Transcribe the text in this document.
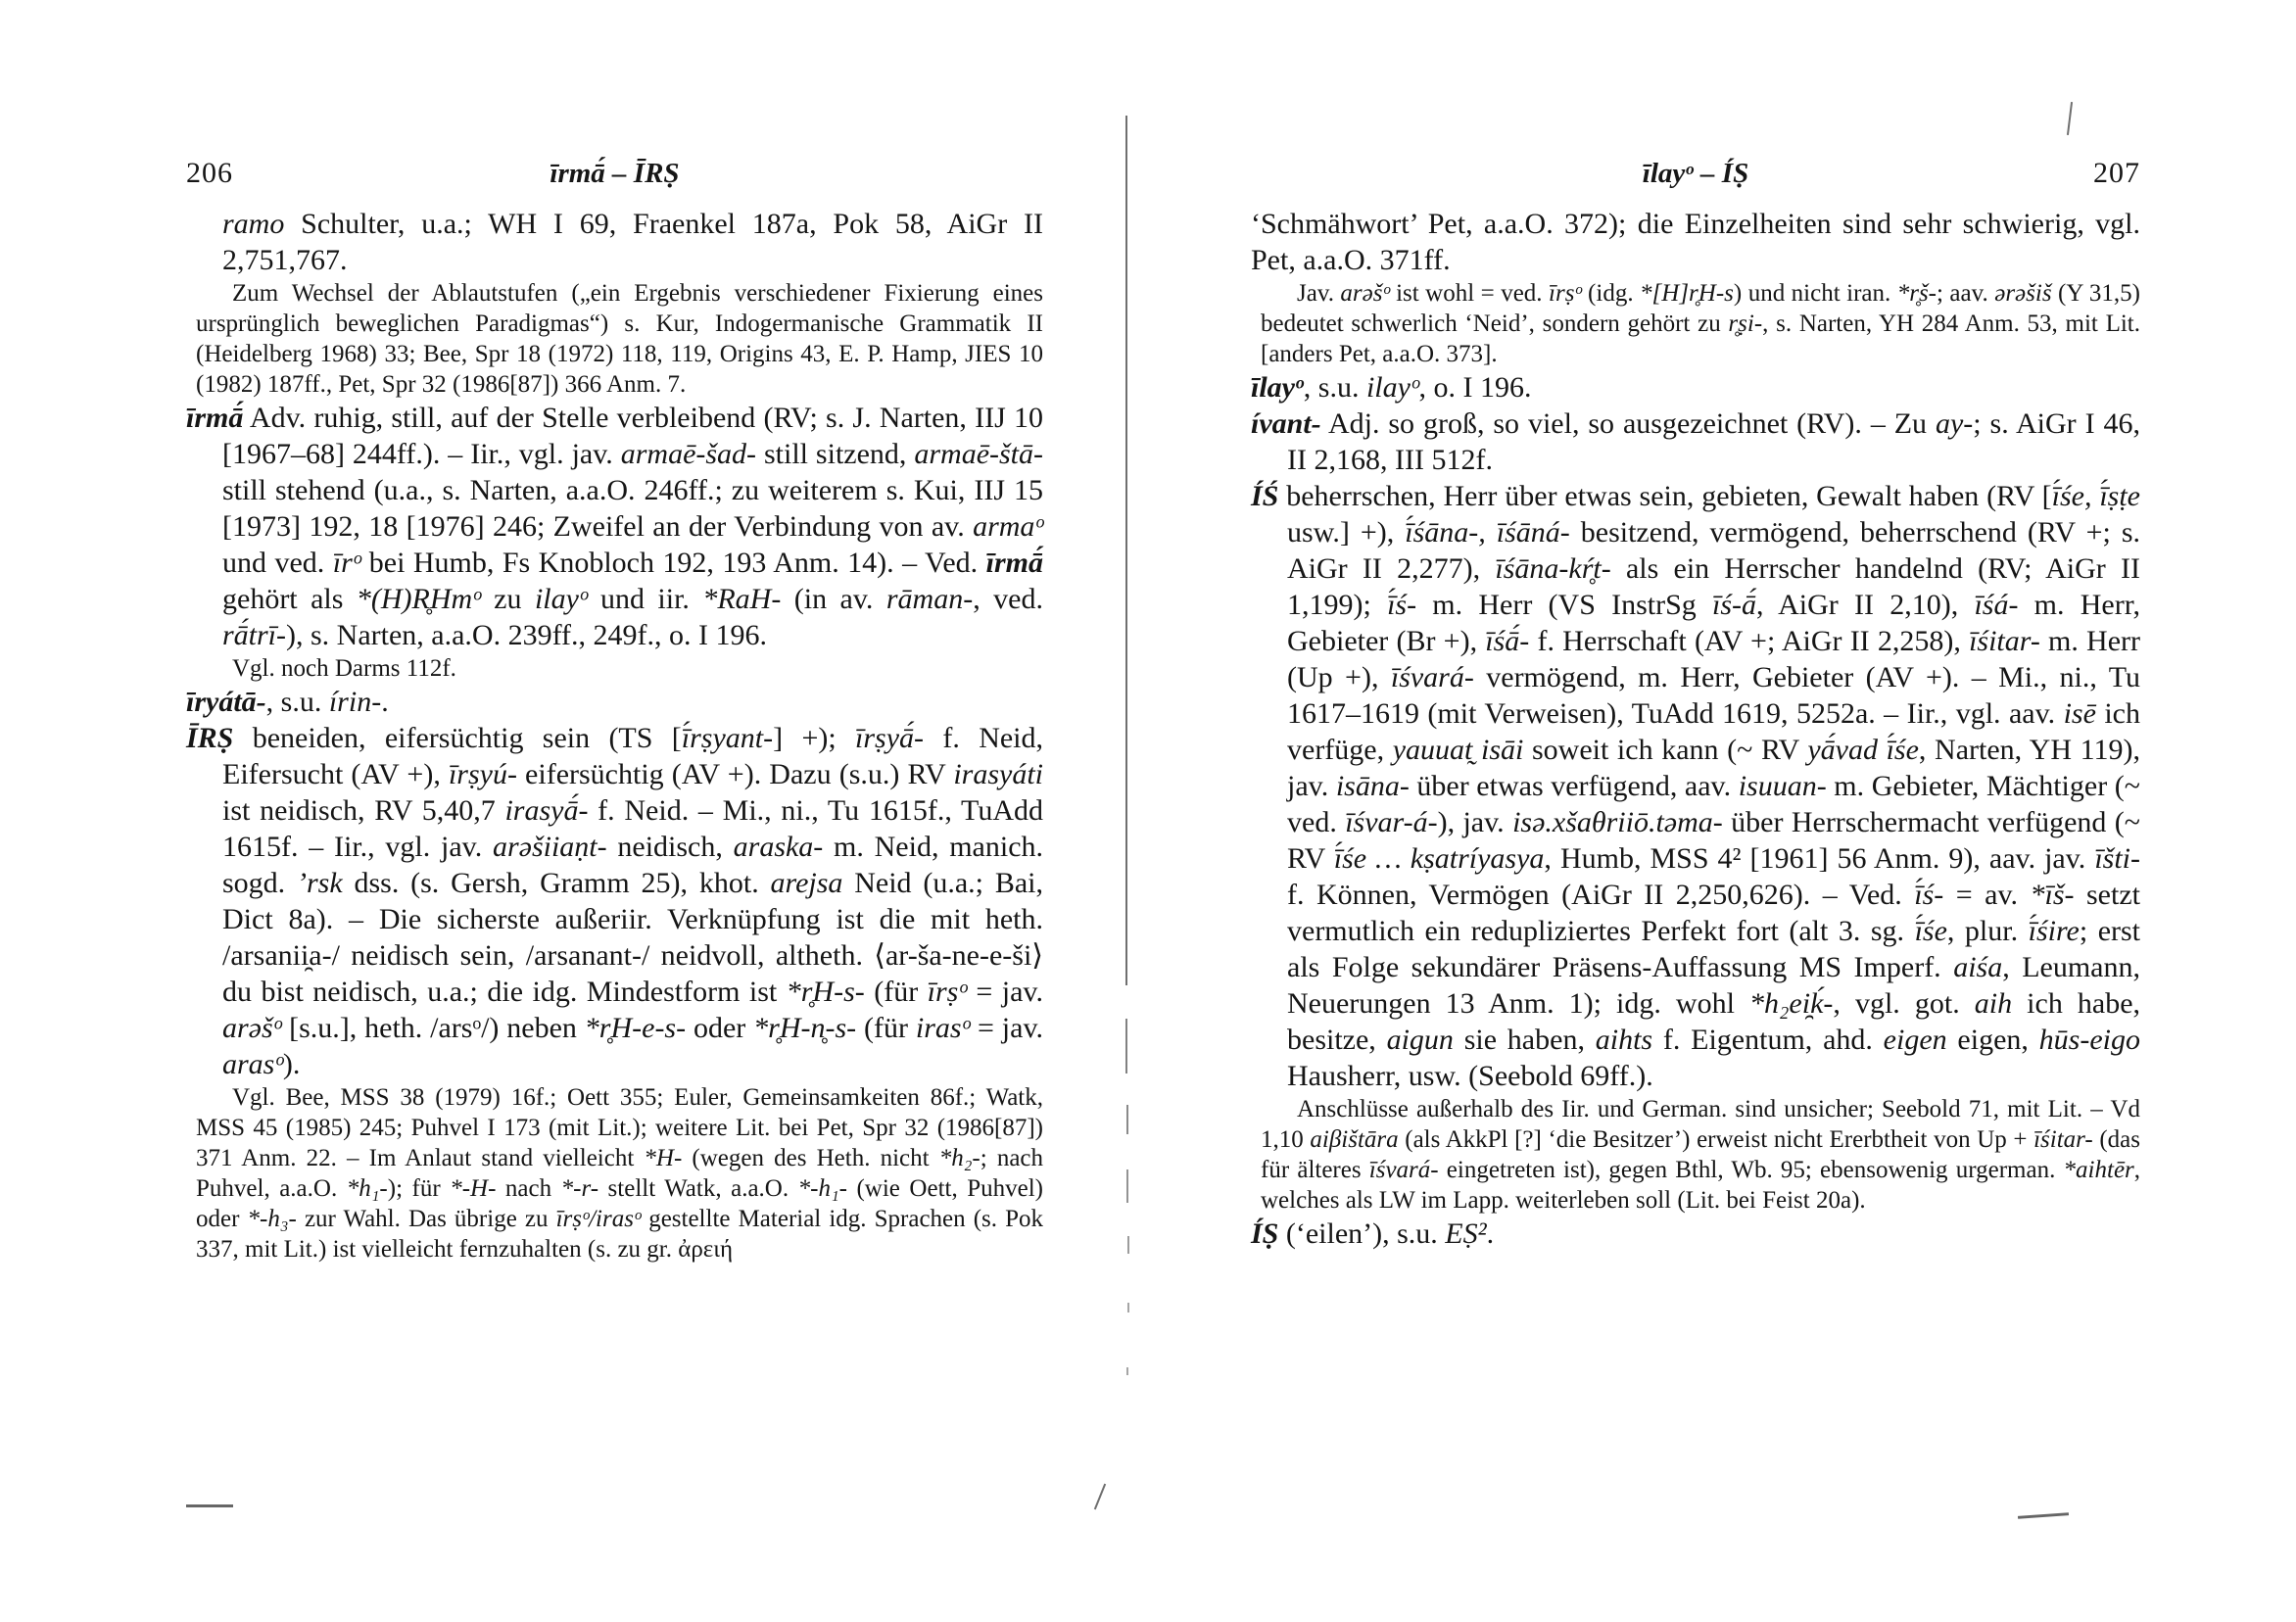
206	īrmā́ – ĪRṢ

ramo Schulter, u.a.; WH I 69, Fraenkel 187a, Pok 58, AiGr II 2,751,767.

Zum Wechsel der Ablautstufen („ein Ergebnis verschiedener Fixierung eines ursprünglich beweglichen Paradigmas“) s. Kur, Indogermanische Grammatik II (Heidelberg 1968) 33; Bee, Spr 18 (1972) 118, 119, Origins 43, E. P. Hamp, JIES 10 (1982) 187ff., Pet, Spr 32 (1986[87]) 366 Anm. 7.

īrmā́ Adv. ruhig, still, auf der Stelle verbleibend (RV; s. J. Narten, IIJ 10 [1967–68] 244ff.). – Iir., vgl. jav. armaē-šad- still sitzend, armaē-štā- still stehend (u.a., s. Narten, a.a.O. 246ff.; zu weiterem s. Kui, IIJ 15 [1973] 192, 18 [1976] 246; Zweifel an der Verbindung von av. armaᵒ und ved. īrᵒ bei Humb, Fs Knobloch 192, 193 Anm. 14). – Ved. īrmā́ gehört als *(H)R̥Hmᵒ zu ilayᵒ und iir. *RaH- (in av. rāman-, ved. rā́trī-), s. Narten, a.a.O. 239ff., 249f., o. I 196.

Vgl. noch Darms 112f.

īryátā-, s.u. írin-.

ĪRṢ beneiden, eifersüchtig sein (TS [ī́rṣyant-] +); īrṣyā́- f. Neid, Eifersucht (AV +), īrṣyú- eifersüchtig (AV +). Dazu (s.u.) RV irasyáti ist neidisch, RV 5,40,7 irasyā́- f. Neid. – Mi., ni., Tu 1615f., TuAdd 1615f. – Iir., vgl. jav. arəšiiaṇt- neidisch, araska- m. Neid, manich. sogd. ’rsk dss. (s. Gersh, Gramm 25), khot. arejsa Neid (u.a.; Bai, Dict 8a). – Die sicherste außeriir. Verknüpfung ist die mit heth. /arsanii̯a-/ neidisch sein, /arsanant-/ neidvoll, altheth. ⟨ar-ša-ne-e-ši⟩ du bist neidisch, u.a.; die idg. Mindestform ist *r̥H-s- (für īrṣᵒ = jav. arəšᵒ [s.u.], heth. /arsᵒ/) neben *r̥H-e-s- oder *r̥H-n̥-s- (für irasᵒ = jav. arasᵒ).

Vgl. Bee, MSS 38 (1979) 16f.; Oett 355; Euler, Gemeinsamkeiten 86f.; Watk, MSS 45 (1985) 245; Puhvel I 173 (mit Lit.); weitere Lit. bei Pet, Spr 32 (1986[87]) 371 Anm. 22. – Im Anlaut stand vielleicht *H- (wegen des Heth. nicht *h₂-; nach Puhvel, a.a.O. *h₁-); für *-H- nach *-r- stellt Watk, a.a.O. *-h₁- (wie Oett, Puhvel) oder *-h₃- zur Wahl. Das übrige zu īrṣᵒ/irasᵒ gestellte Material idg. Sprachen (s. Pok 337, mit Lit.) ist vielleicht fernzuhalten (s. zu gr. ἀρειή

īlayᵒ – ÍṢ	207

‘Schmähwort’ Pet, a.a.O. 372); die Einzelheiten sind sehr schwierig, vgl. Pet, a.a.O. 371ff.

Jav. arəšᵒ ist wohl = ved. īrṣᵒ (idg. *[H]r̥H-s) und nicht iran. *r̥š-; aav. ərəšiš (Y 31,5) bedeutet schwerlich ‘Neid’, sondern gehört zu r̥ṣi-, s. Narten, YH 284 Anm. 53, mit Lit. [anders Pet, a.a.O. 373].

īlayᵒ, s.u. ilayᵒ, o. I 196.

ívant- Adj. so groß, so viel, so ausgezeichnet (RV). – Zu ay-; s. AiGr I 46, II 2,168, III 512f.

ÍŚ beherrschen, Herr über etwas sein, gebieten, Gewalt haben (RV [ī́śe, ī́ṣṭe usw.] +), ī́śāna-, īśāná- besitzend, vermögend, beherrschend (RV +; s. AiGr II 2,277), īśāna-kŕ̥t- als ein Herrscher handelnd (RV; AiGr II 1,199); ī́ś- m. Herr (VS InstrSg īś-ā́, AiGr II 2,10), īśá- m. Herr, Gebieter (Br +), īśā́- f. Herrschaft (AV +; AiGr II 2,258), īśitar- m. Herr (Up +), īśvará- vermögend, m. Herr, Gebieter (AV +). – Mi., ni., Tu 1617–1619 (mit Verweisen), TuAdd 1619, 5252a. – Iir., vgl. aav. isē ich verfüge, yauuat̰ isāi soweit ich kann (~ RV yā́vad ī́śe, Narten, YH 119), jav. isāna- über etwas verfügend, aav. isuuan- m. Gebieter, Mächtiger (~ ved. īśvar-á-), jav. isə.xšaθriiō.təma- über Herrschermacht verfügend (~ RV ī́śe … kṣatríyasya, Humb, MSS 4² [1961] 56 Anm. 9), aav. jav. īšti- f. Können, Vermögen (AiGr II 2,250,626). – Ved. ī́ś- = av. *īš- setzt vermutlich ein redupliziertes Perfekt fort (alt 3. sg. ī́śe, plur. ī́śire; erst als Folge sekundärer Präsens-Auffassung MS Imperf. aiśa, Leumann, Neuerungen 13 Anm. 1); idg. wohl *h₂ei̯ḱ-, vgl. got. aih ich habe, besitze, aigun sie haben, aihts f. Eigentum, ahd. eigen eigen, hūs-eigo Hausherr, usw. (Seebold 69ff.).

Anschlüsse außerhalb des Iir. und German. sind unsicher; Seebold 71, mit Lit. – Vd 1,10 aiβištāra (als AkkPl [?] ‘die Besitzer’) erweist nicht Ererbtheit von Up + īśitar- (das für älteres īśvará- eingetreten ist), gegen Bthl, Wb. 95; ebensowenig urgerman. *aihtēr, welches als LW im Lapp. weiterleben soll (Lit. bei Feist 20a).

ÍṢ (‘eilen’), s.u. EṢ².
